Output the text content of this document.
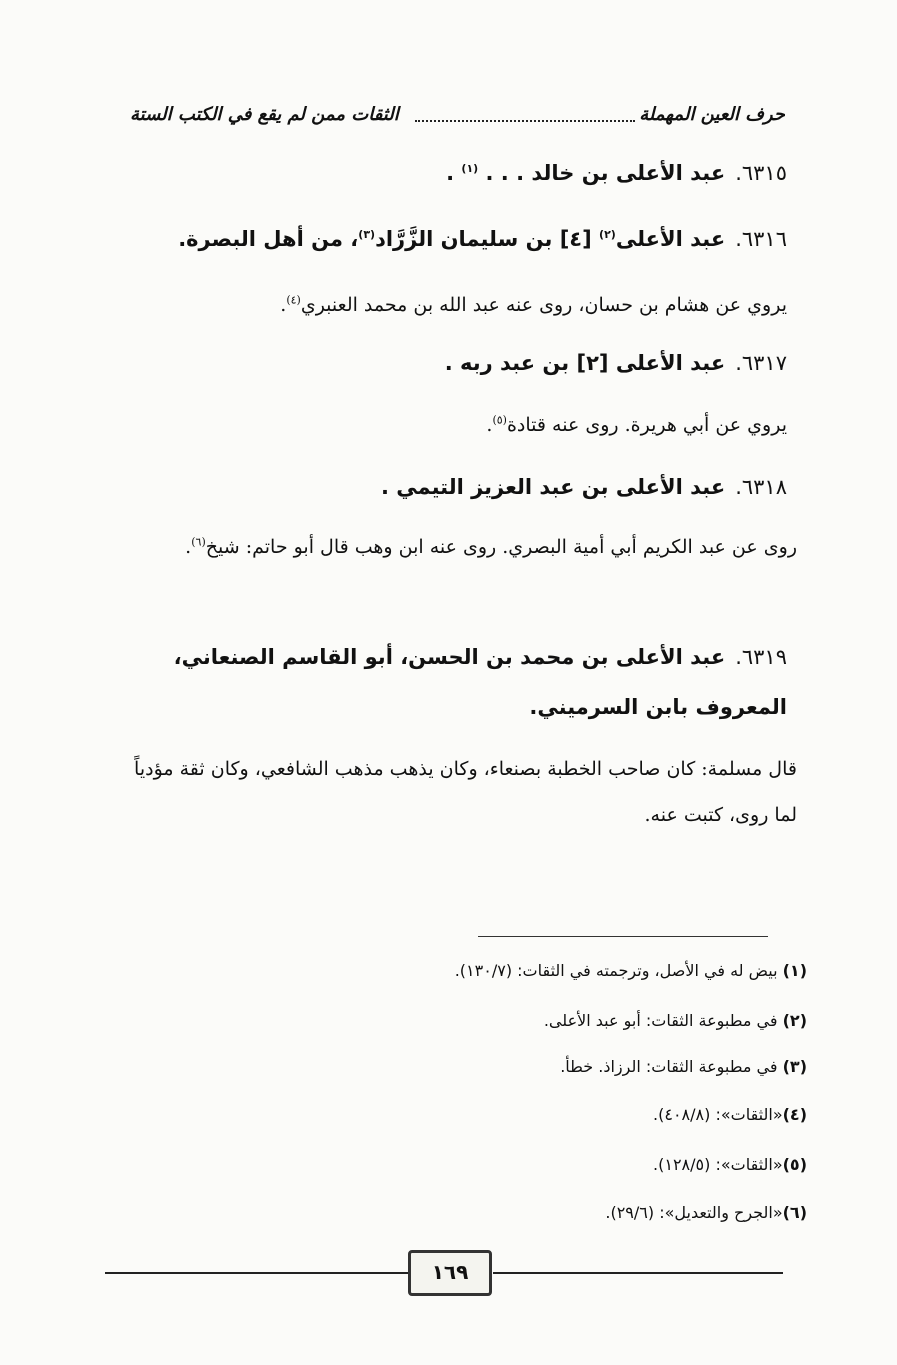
حرف العين المهملة
الثقات ممن لم يقع في الكتب الستة
٦٣١٥.عبد الأعلى بن خالد . . . $^{(١)}$ .
٦٣١٦.عبد الأعلى$^{(٢)}$ [٤] بن سليمان الزَّرَّاد$^{(٣)}$، من أهل البصرة.
يروي عن هشام بن حسان، روى عنه عبد الله بن محمد العنبري$^{(٤)}$.
٦٣١٧.عبد الأعلى [٢] بن عبد ربه .
يروي عن أبي هريرة. روى عنه قتادة$^{(٥)}$.
٦٣١٨.عبد الأعلى بن عبد العزيز التيمي .
روى عن عبد الكريم أبي أمية البصري. روى عنه ابن وهب قال أبو حاتم: شيخ$^{(٦)}$.
٦٣١٩.عبد الأعلى بن محمد بن الحسن، أبو القاسم الصنعاني، المعروف بابن السرميني.
قال مسلمة: كان صاحب الخطبة بصنعاء، وكان يذهب مذهب الشافعي، وكان ثقة مؤدياً لما روى، كتبت عنه.
(١) بيض له في الأصل، وترجمته في الثقات: (١٣٠/٧).
(٢) في مطبوعة الثقات: أبو عبد الأعلى.
(٣) في مطبوعة الثقات: الرزاذ. خطأ.
(٤)«الثقات»: (٤٠٨/٨).
(٥)«الثقات»: (١٢٨/٥).
(٦)«الجرح والتعديل»: (٢٩/٦).
١٦٩
